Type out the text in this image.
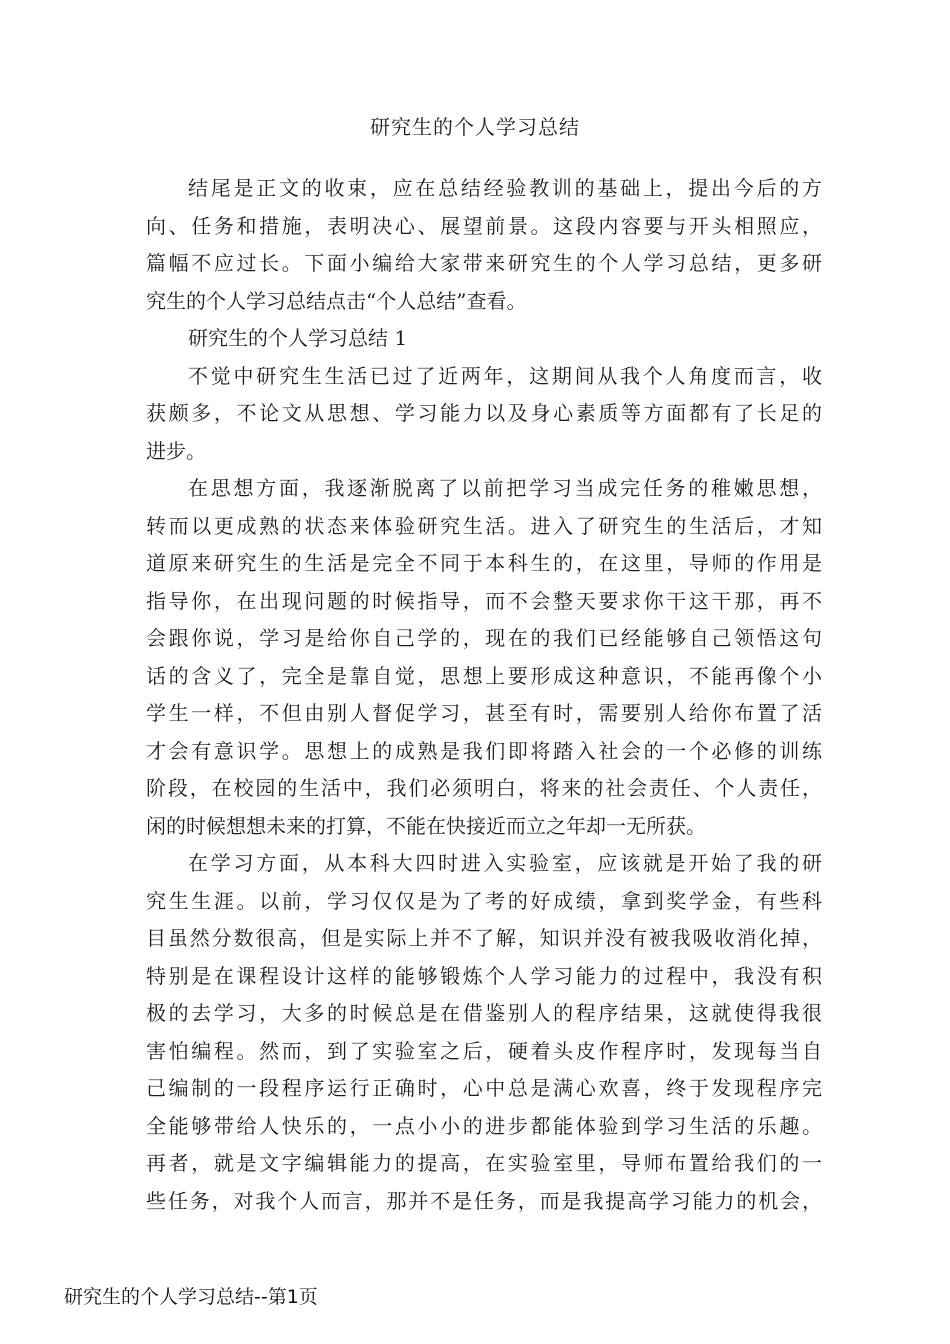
研究生的个人学习总结
结尾是正文的收束，应在总结经验教训的基础上，提出今后的方
向、任务和措施，表明决心、展望前景。这段内容要与开头相照应，
篇幅不应过长。下面小编给大家带来研究生的个人学习总结，更多研
究生的个人学习总结点击“个人总结”查看。
研究生的个人学习总结 1
不觉中研究生生活已过了近两年，这期间从我个人角度而言，收
获颇多，不论文从思想、学习能力以及身心素质等方面都有了长足的
进步。
在思想方面，我逐渐脱离了以前把学习当成完任务的稚嫩思想，
转而以更成熟的状态来体验研究生活。进入了研究生的生活后，才知
道原来研究生的生活是完全不同于本科生的，在这里，导师的作用是
指导你，在出现问题的时候指导，而不会整天要求你干这干那，再不
会跟你说，学习是给你自己学的，现在的我们已经能够自己领悟这句
话的含义了，完全是靠自觉，思想上要形成这种意识，不能再像个小
学生一样，不但由别人督促学习，甚至有时，需要别人给你布置了活
才会有意识学。思想上的成熟是我们即将踏入社会的一个必修的训练
阶段，在校园的生活中，我们必须明白，将来的社会责任、个人责任，
闲的时候想想未来的打算，不能在快接近而立之年却一无所获。
在学习方面，从本科大四时进入实验室，应该就是开始了我的研
究生生涯。以前，学习仅仅是为了考的好成绩，拿到奖学金，有些科
目虽然分数很高，但是实际上并不了解，知识并没有被我吸收消化掉，
特别是在课程设计这样的能够锻炼个人学习能力的过程中，我没有积
极的去学习，大多的时候总是在借鉴别人的程序结果，这就使得我很
害怕编程。然而，到了实验室之后，硬着头皮作程序时，发现每当自
己编制的一段程序运行正确时，心中总是满心欢喜，终于发现程序完
全能够带给人快乐的，一点小小的进步都能体验到学习生活的乐趣。
再者，就是文字编辑能力的提高，在实验室里，导师布置给我们的一
些任务，对我个人而言，那并不是任务，而是我提高学习能力的机会，
研究生的个人学习总结--第1页
